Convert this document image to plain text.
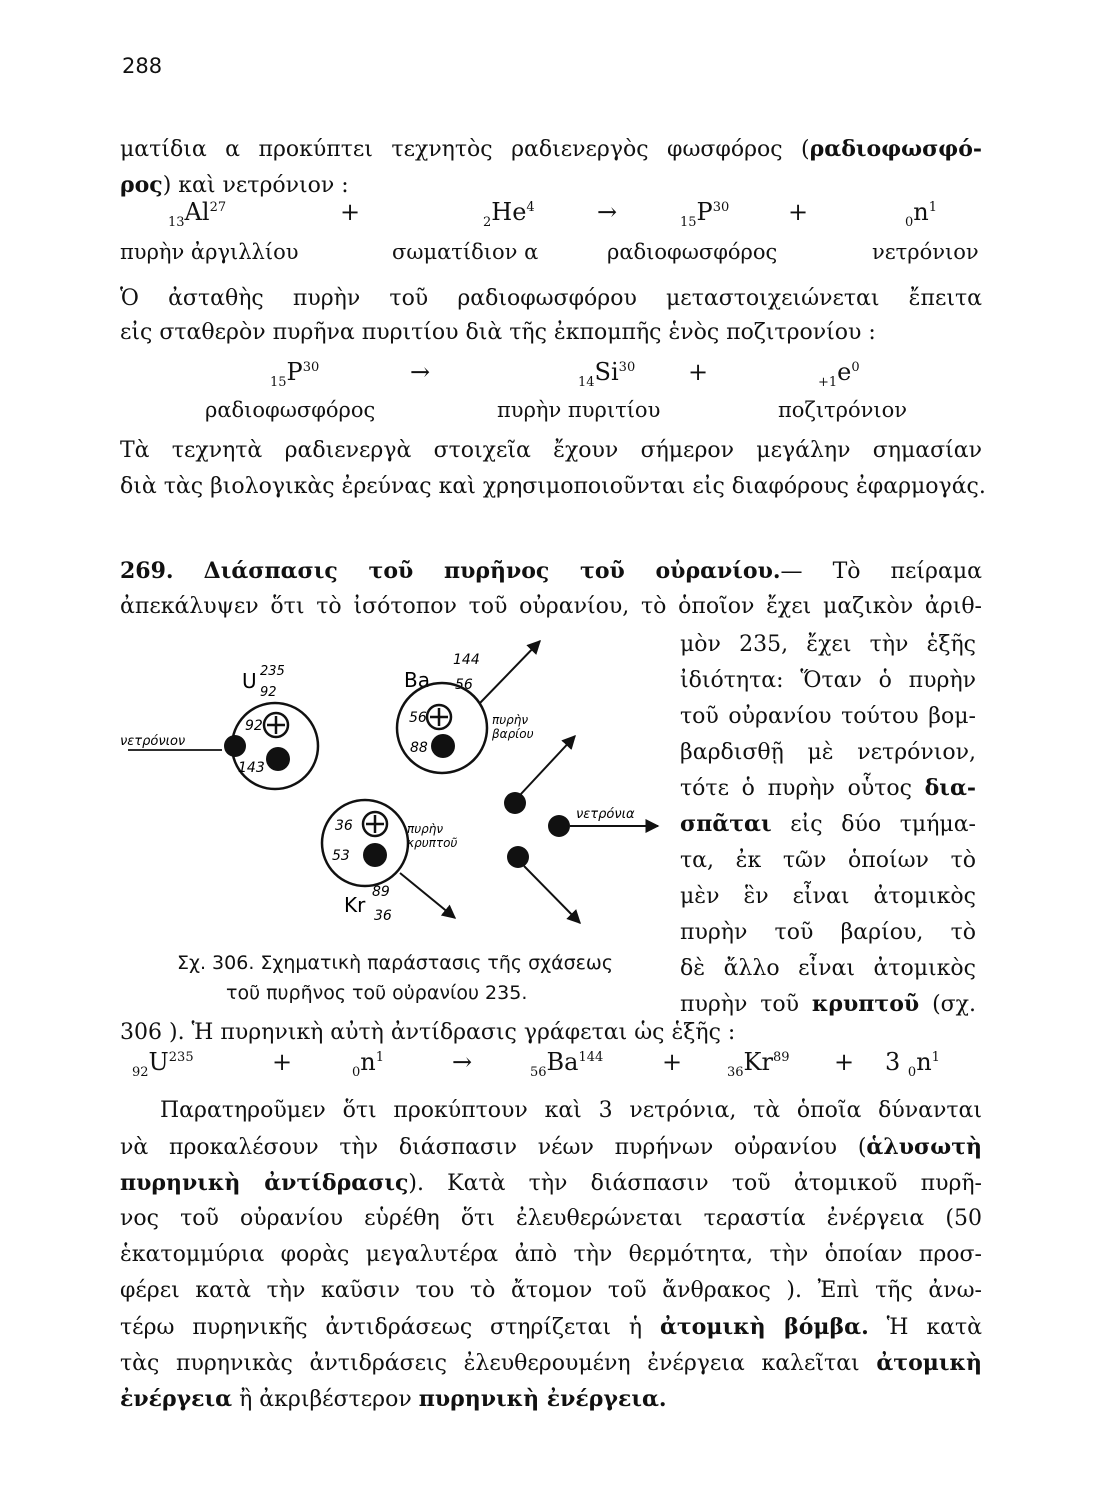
288
ματίδια α προκύπτει τεχνητὸς ραδιενεργὸς φωσφόρος (ραδιοφωσφό-
ρος) καὶ νετρόνιον :
$_{13}Al^{27}$	+	$_2He^4$	→	$_{15}P^{30}$ +	$_0n^1$
πυρὴν ἀργιλλίου	σωματίδιον α	ραδιοφωσφόρος	νετρόνιον
Ὁ ἀσταθὴς πυρὴν τοῦ ραδιοφωσφόρου μεταστοιχειώνεται ἔπειτα
εἰς σταθερὸν πυρῆνα πυριτίου διὰ τῆς ἐκπομπῆς ἑνὸς ποζιτρονίου :
$_{15}P^{30}$	→	$_{14}Si^{30}$ +	$_{+1}e^0$
ραδιοφωσφόρος	πυρὴν πυριτίου	ποζιτρόνιον
Τὰ τεχνητὰ ραδιενεργὰ στοιχεῖα ἔχουν σήμερον μεγάλην σημασίαν
διὰ τὰς βιολογικὰς ἐρεύνας καὶ χρησιμοποιοῦνται εἰς διαφόρους ἐφαρμογάς.
269. Διάσπασις τοῦ πυρῆνος τοῦ οὐρανίου.— Τὸ πείραμα
ἀπεκάλυψεν ὅτι τὸ ἰσότοπον τοῦ οὐρανίου, τὸ ὁποῖον ἔχει μαζικὸν ἀριθ-
μὸν 235, ἔχει τὴν ἑξῆς
ἰδιότητα: Ὅταν ὁ πυρὴν
τοῦ οὐρανίου τούτου βομ-
βαρδισθῇ μὲ νετρόνιον,
τότε ὁ πυρὴν οὗτος δια-
σπᾶται εἰς δύο τμήμα-
τα, ἐκ τῶν ὁποίων τὸ
μὲν ἓν εἶναι ἀτομικὸς
πυρὴν τοῦ βαρίου, τὸ
δὲ ἄλλο εἶναι ἀτομικὸς
πυρὴν τοῦ κρυπτοῦ (σχ.
U 235
92
92
143
νετρόνιον
Ba
144
56
56
88
πυρὴν
βαρίου
36
53
πυρὴν
κρυπτοῦ
Kr
89
36
νετρόνια
Σχ. 306. Σχηματικὴ παράστασις τῆς σχάσεως
τοῦ πυρῆνος τοῦ οὐρανίου 235.
306 ). Ἡ πυρηνικὴ αὐτὴ ἀντίδρασις γράφεται ὡς ἑξῆς :
$_{92}U^{235}$	+	$_0n^1$	→	$_{56}Ba^{144}$ +	$_{36}Kr^{89} + 3$ $_0n^1$
Παρατηροῦμεν ὅτι προκύπτουν καὶ 3 νετρόνια, τὰ ὁποῖα δύνανται
νὰ προκαλέσουν τὴν διάσπασιν νέων πυρήνων οὐρανίου (ἁλυσωτὴ
πυρηνικὴ ἀντίδρασις). Κατὰ τὴν διάσπασιν τοῦ ἀτομικοῦ πυρῆ-
νος τοῦ οὐρανίου εὑρέθη ὅτι ἐλευθερώνεται τεραστία ἐνέργεια (50
ἑκατομμύρια φορὰς μεγαλυτέρα ἀπὸ τὴν θερμότητα, τὴν ὁποίαν προσ-
φέρει κατὰ τὴν καῦσιν του τὸ ἄτομον τοῦ ἄνθρακος ). Ἐπὶ τῆς ἀνω-
τέρω πυρηνικῆς ἀντιδράσεως στηρίζεται ἡ ἀτομικὴ βόμβα. Ἡ κατὰ
τὰς πυρηνικὰς ἀντιδράσεις ἐλευθερουμένη ἐνέργεια καλεῖται ἀτομικὴ
ἐνέργεια ἢ ἀκριβέστερον πυρηνικὴ ἐνέργεια.
